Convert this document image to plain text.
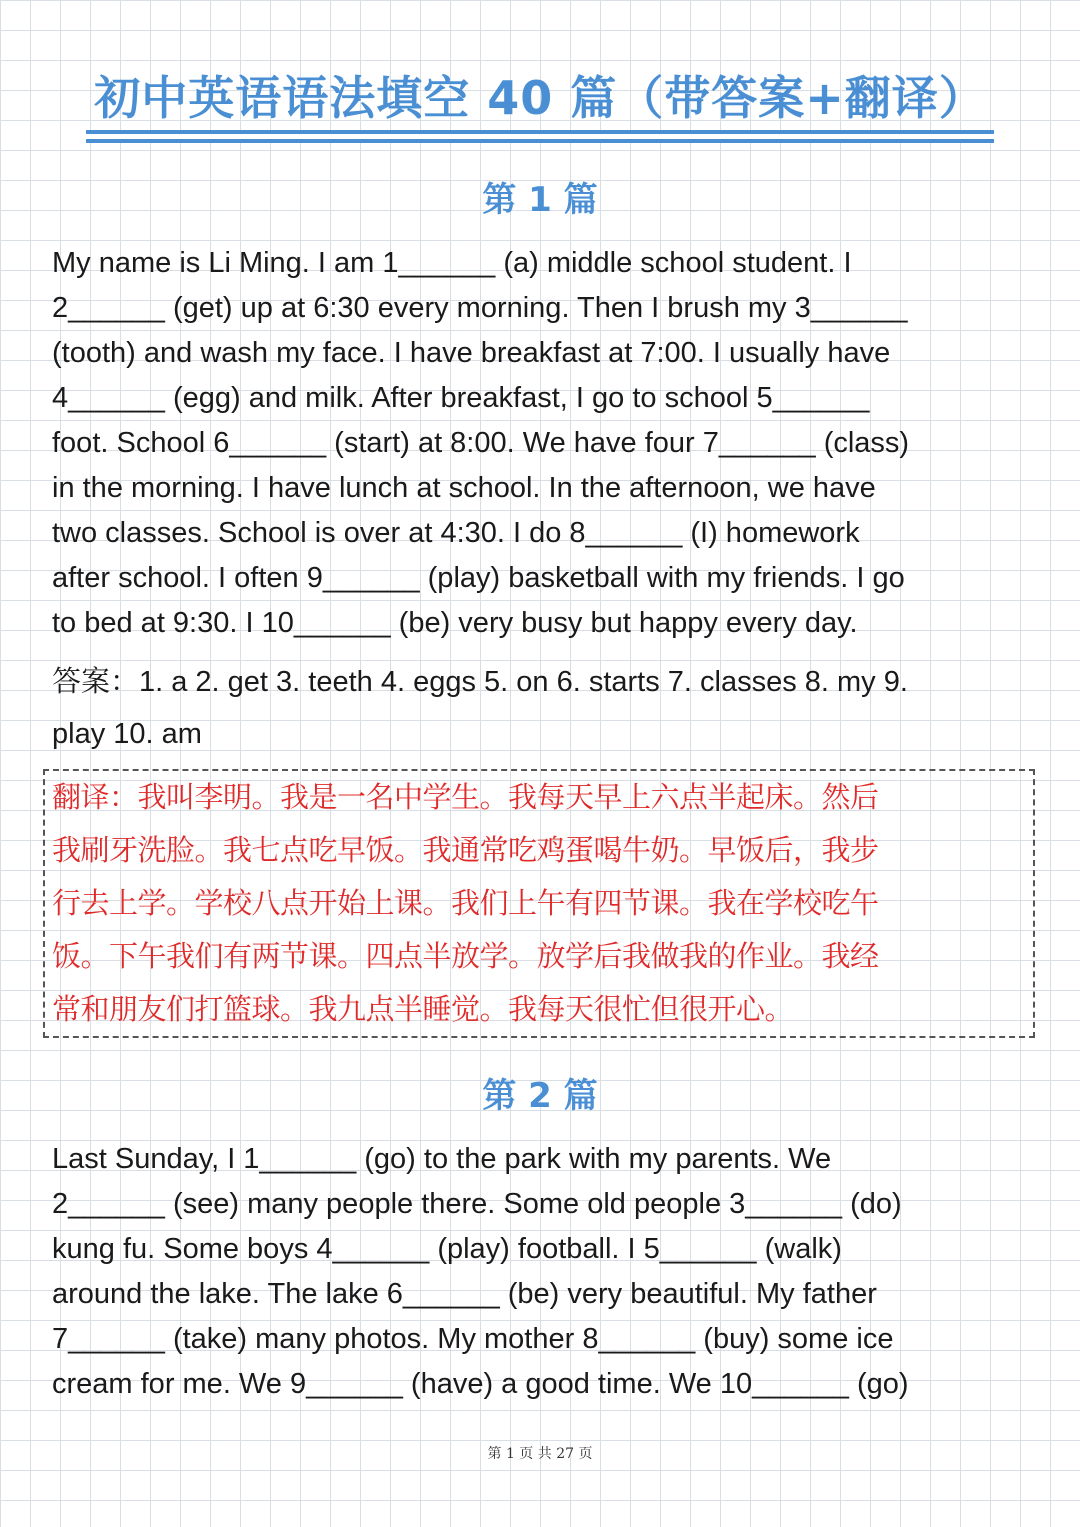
初中英语语法填空 40 篇（带答案+翻译）
第 1 篇
My name is Li Ming. I am 1______ (a) middle school student. I
2______ (get) up at 6:30 every morning. Then I brush my 3______
(tooth) and wash my face. I have breakfast at 7:00. I usually have
4______ (egg) and milk. After breakfast, I go to school 5______
foot. School 6______ (start) at 8:00. We have four 7______ (class)
in the morning. I have lunch at school. In the afternoon, we have
two classes. School is over at 4:30. I do 8______ (I) homework
after school. I often 9______ (play) basketball with my friends. I go
to bed at 9:30. I 10______ (be) very busy but happy every day.
答案：1. a 2. get 3. teeth 4. eggs 5. on 6. starts 7. classes 8. my 9.
play 10. am
翻译：我叫李明。我是一名中学生。我每天早上六点半起床。然后
我刷牙洗脸。我七点吃早饭。我通常吃鸡蛋喝牛奶。早饭后，我步
行去上学。学校八点开始上课。我们上午有四节课。我在学校吃午
饭。下午我们有两节课。四点半放学。放学后我做我的作业。我经
常和朋友们打篮球。我九点半睡觉。我每天很忙但很开心。
第 2 篇
Last Sunday, I 1______ (go) to the park with my parents. We
2______ (see) many people there. Some old people 3______ (do)
kung fu. Some boys 4______ (play) football. I 5______ (walk)
around the lake. The lake 6______ (be) very beautiful. My father
7______ (take) many photos. My mother 8______ (buy) some ice
cream for me. We 9______ (have) a good time. We 10______ (go)
第 1 页 共 27 页
